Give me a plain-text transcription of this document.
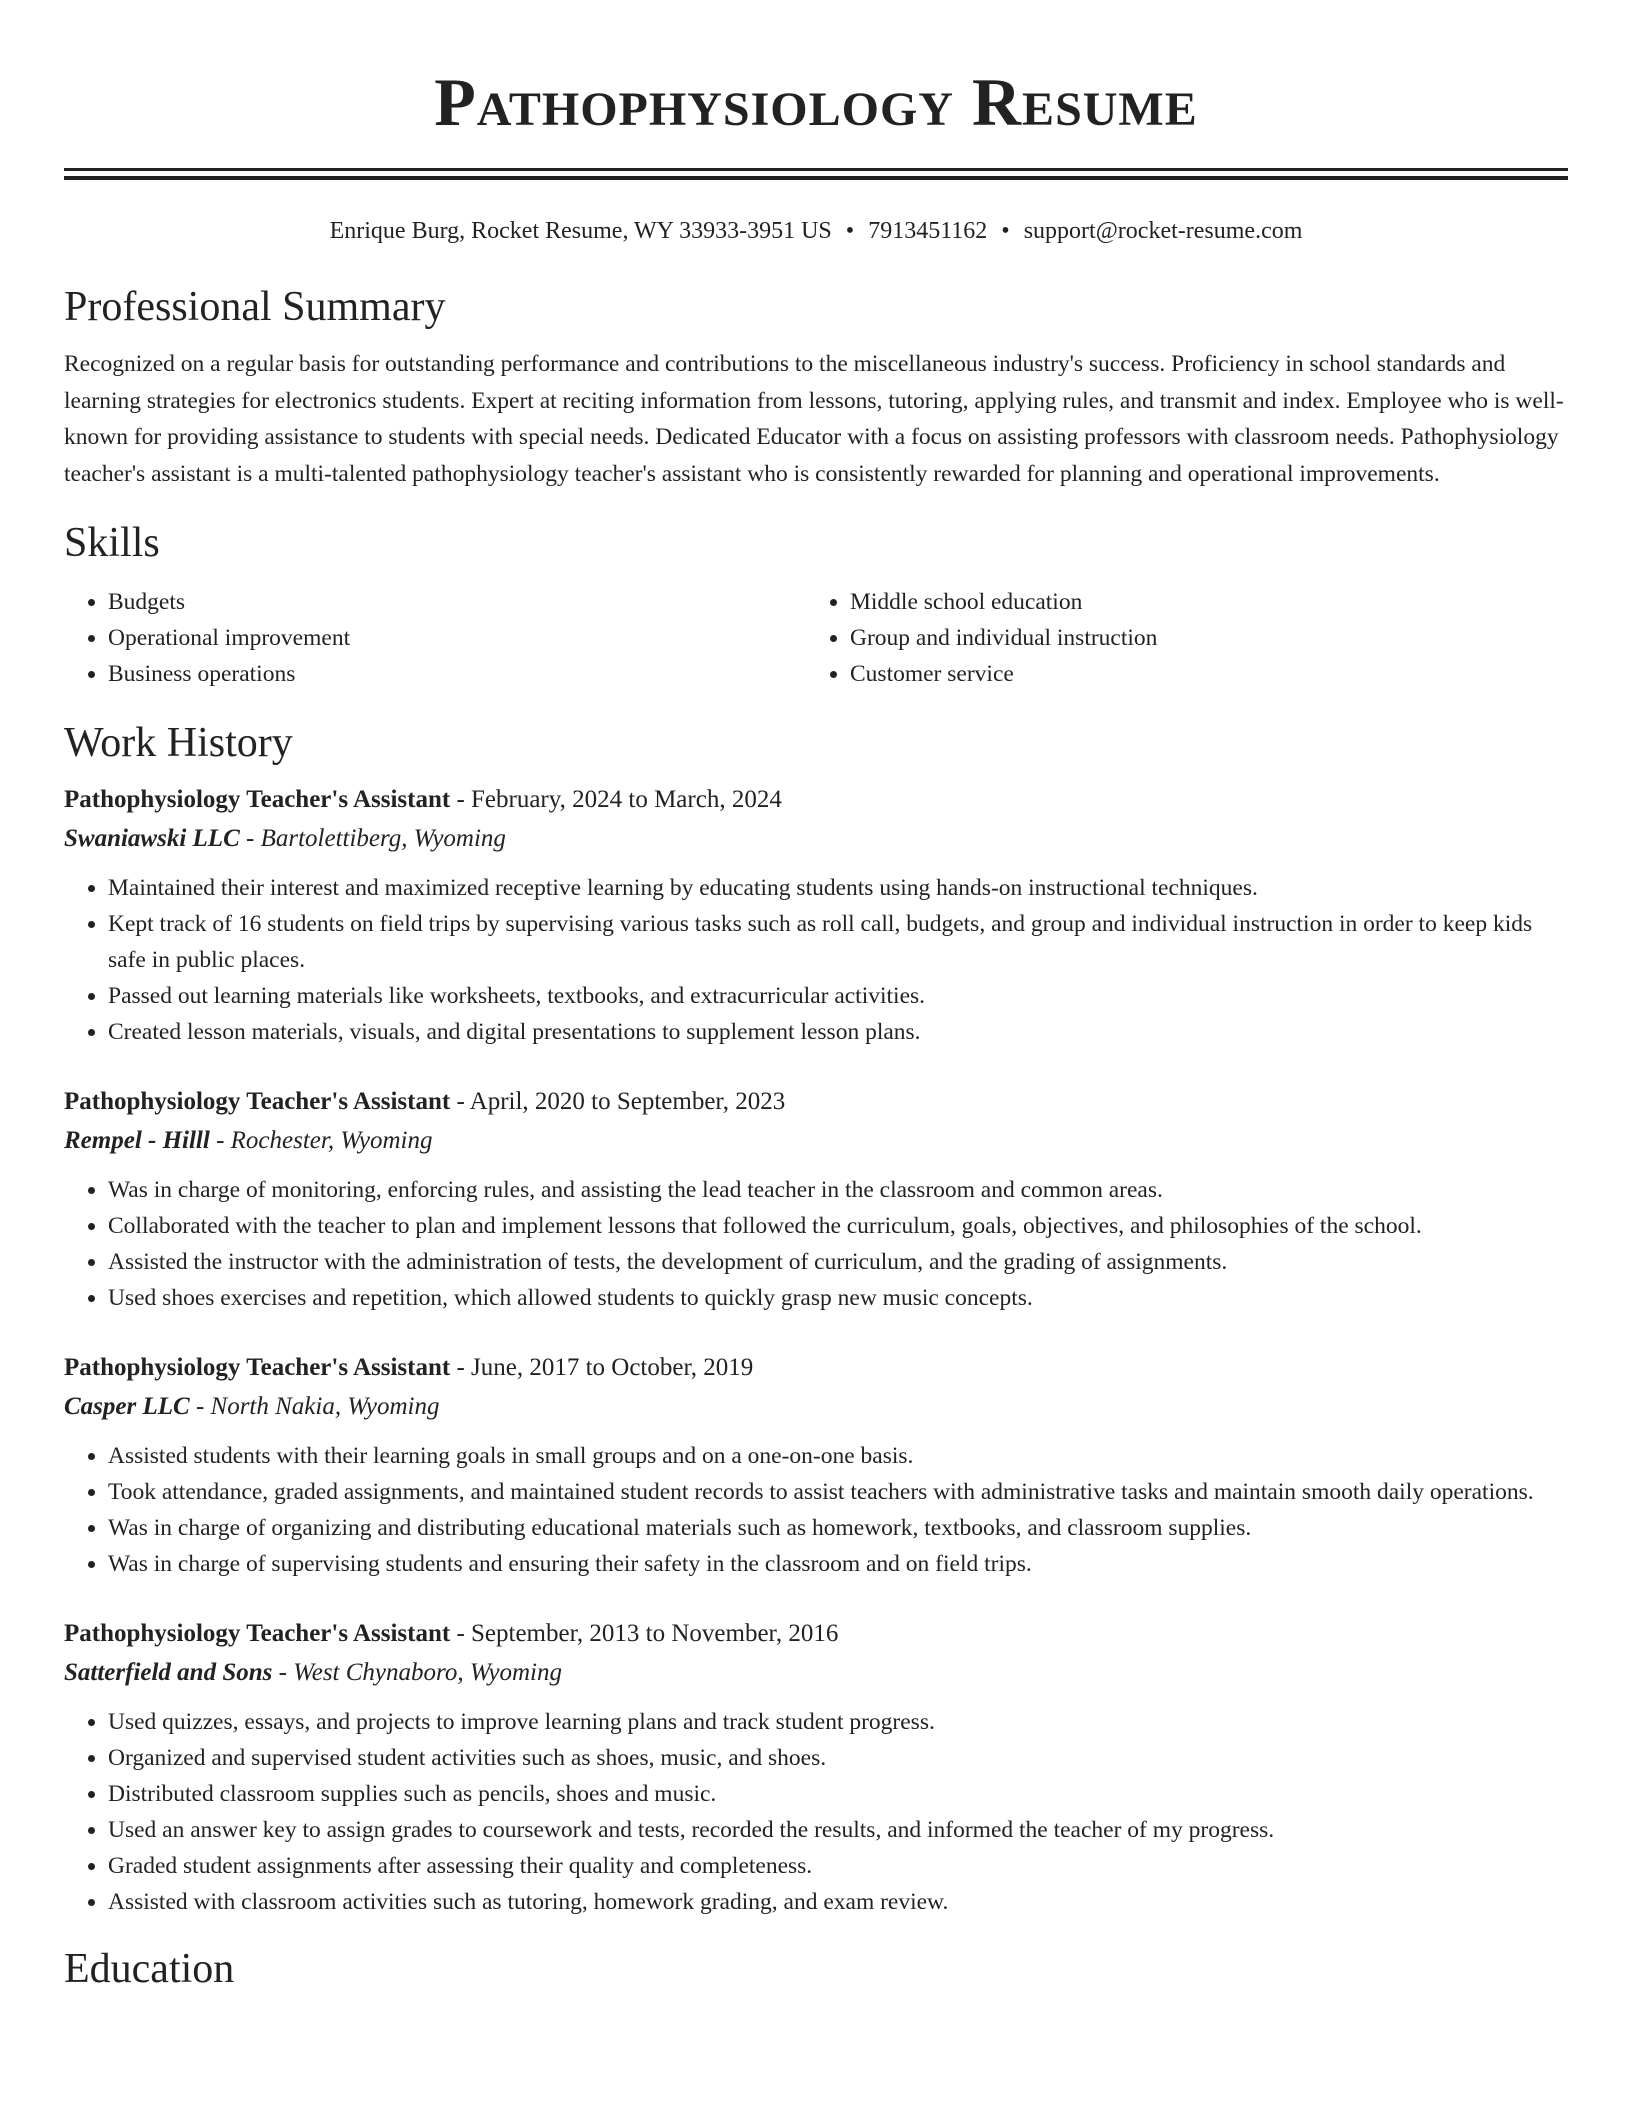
Pathophysiology Resume
Enrique Burg, Rocket Resume, WY 33933-3951 US • 7913451162 • support@rocket-resume.com
Professional Summary

Recognized on a regular basis for outstanding performance and contributions to the miscellaneous industry's success. Proficiency in school standards and learning strategies for electronics students. Expert at reciting information from lessons, tutoring, applying rules, and transmit and index. Employee who is well-known for providing assistance to students with special needs. Dedicated Educator with a focus on assisting professors with classroom needs. Pathophysiology teacher's assistant is a multi-talented pathophysiology teacher's assistant who is consistently rewarded for planning and operational improvements.

Skills
• Budgets
• Operational improvement
• Business operations
• Middle school education
• Group and individual instruction
• Customer service
Work History
Pathophysiology Teacher's Assistant - February, 2024 to March, 2024
Swaniawski LLC - Bartolettiberg, Wyoming
• Maintained their interest and maximized receptive learning by educating students using hands-on instructional techniques.
• Kept track of 16 students on field trips by supervising various tasks such as roll call, budgets, and group and individual instruction in order to keep kids safe in public places.
• Passed out learning materials like worksheets, textbooks, and extracurricular activities.
• Created lesson materials, visuals, and digital presentations to supplement lesson plans.
Pathophysiology Teacher's Assistant - April, 2020 to September, 2023
Rempel - Hilll - Rochester, Wyoming
• Was in charge of monitoring, enforcing rules, and assisting the lead teacher in the classroom and common areas.
• Collaborated with the teacher to plan and implement lessons that followed the curriculum, goals, objectives, and philosophies of the school.
• Assisted the instructor with the administration of tests, the development of curriculum, and the grading of assignments.
• Used shoes exercises and repetition, which allowed students to quickly grasp new music concepts.
Pathophysiology Teacher's Assistant - June, 2017 to October, 2019
Casper LLC - North Nakia, Wyoming
• Assisted students with their learning goals in small groups and on a one-on-one basis.
• Took attendance, graded assignments, and maintained student records to assist teachers with administrative tasks and maintain smooth daily operations.
• Was in charge of organizing and distributing educational materials such as homework, textbooks, and classroom supplies.
• Was in charge of supervising students and ensuring their safety in the classroom and on field trips.
Pathophysiology Teacher's Assistant - September, 2013 to November, 2016
Satterfield and Sons - West Chynaboro, Wyoming
• Used quizzes, essays, and projects to improve learning plans and track student progress.
• Organized and supervised student activities such as shoes, music, and shoes.
• Distributed classroom supplies such as pencils, shoes and music.
• Used an answer key to assign grades to coursework and tests, recorded the results, and informed the teacher of my progress.
• Graded student assignments after assessing their quality and completeness.
• Assisted with classroom activities such as tutoring, homework grading, and exam review.
Education
